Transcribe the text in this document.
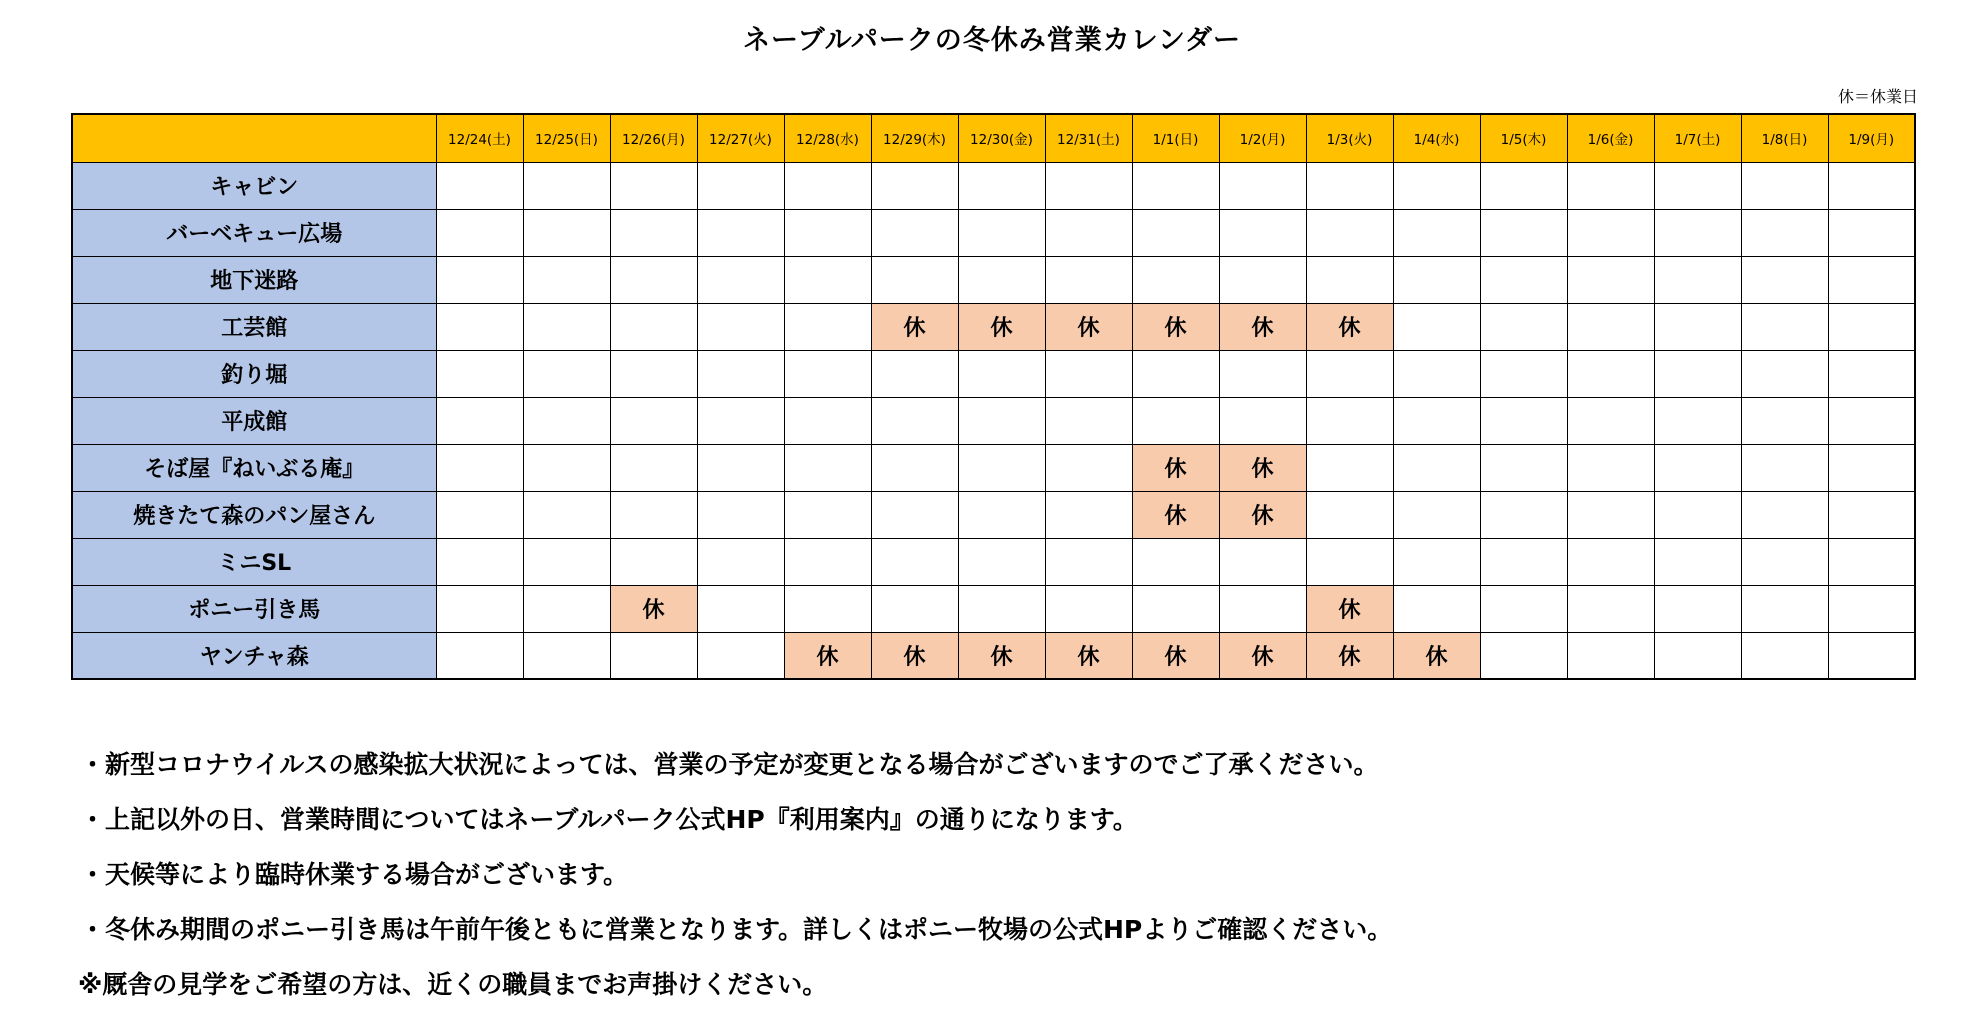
ネーブルパークの冬休み営業カレンダー
休＝休業日
	12/24(土)	12/25(日)	12/26(月)	12/27(火)	12/28(水)	12/29(木)	12/30(金)	12/31(土)	1/1(日)	1/2(月)	1/3(火)	1/4(水)	1/5(木)	1/6(金)	1/7(土)	1/8(日)	1/9(月)
キャビン																	
バーベキュー広場																	
地下迷路																	
工芸館						休	休	休	休	休	休						
釣り堀																	
平成館																	
そば屋『ねいぶる庵』									休	休							
焼きたて森のパン屋さん									休	休							
ミニSL																	
ポニー引き馬			休								休						
ヤンチャ森					休	休	休	休	休	休	休	休					
・新型コロナウイルスの感染拡大状況によっては、営業の予定が変更となる場合がございますのでご了承ください。
・上記以外の日、営業時間についてはネーブルパーク公式HP『利用案内』の通りになります。
・天候等により臨時休業する場合がございます。
・冬休み期間のポニー引き馬は午前午後ともに営業となります。詳しくはポニー牧場の公式HPよりご確認ください。
※厩舎の見学をご希望の方は、近くの職員までお声掛けください。
